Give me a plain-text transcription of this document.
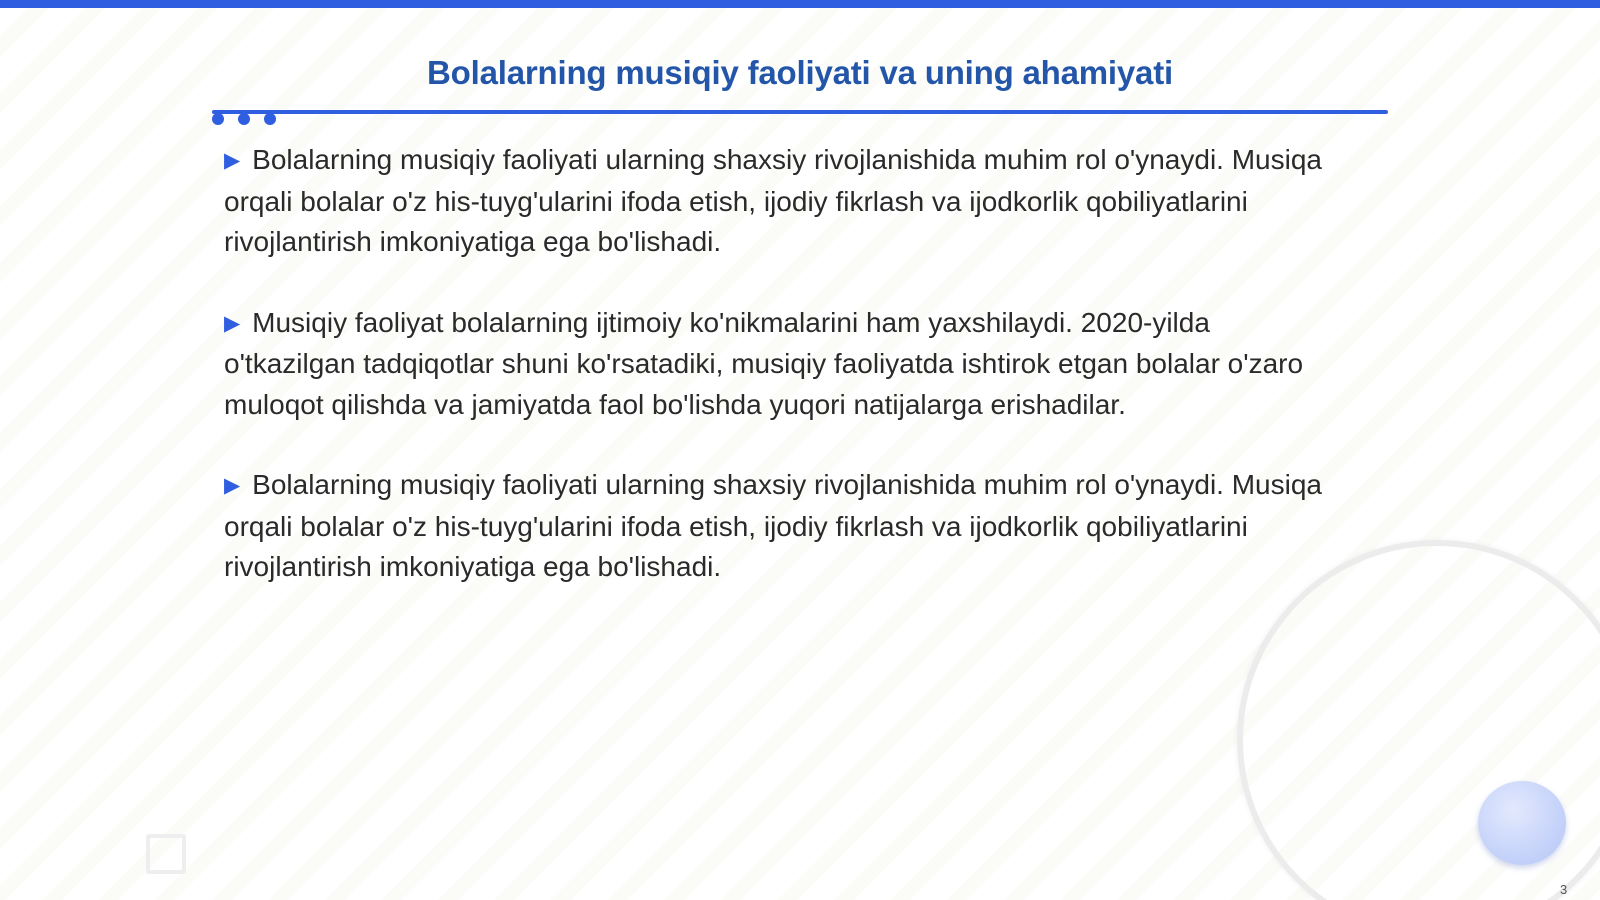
Bolalarning musiqiy faoliyati va uning ahamiyati

▶ Bolalarning musiqiy faoliyati ularning shaxsiy rivojlanishida muhim rol o'ynaydi. Musiqa orqali bolalar o'z his-tuyg'ularini ifoda etish, ijodiy fikrlash va ijodkorlik qobiliyatlarini rivojlantirish imkoniyatiga ega bo'lishadi.

▶ Musiqiy faoliyat bolalarning ijtimoiy ko'nikmalarini ham yaxshilaydi. 2020-yilda o'tkazilgan tadqiqotlar shuni ko'rsatadiki, musiqiy faoliyatda ishtirok etgan bolalar o'zaro muloqot qilishda va jamiyatda faol bo'lishda yuqori natijalarga erishadilar.

▶ Bolalarning musiqiy faoliyati ularning shaxsiy rivojlanishida muhim rol o'ynaydi. Musiqa orqali bolalar o'z his-tuyg'ularini ifoda etish, ijodiy fikrlash va ijodkorlik qobiliyatlarini rivojlantirish imkoniyatiga ega bo'lishadi.

3
